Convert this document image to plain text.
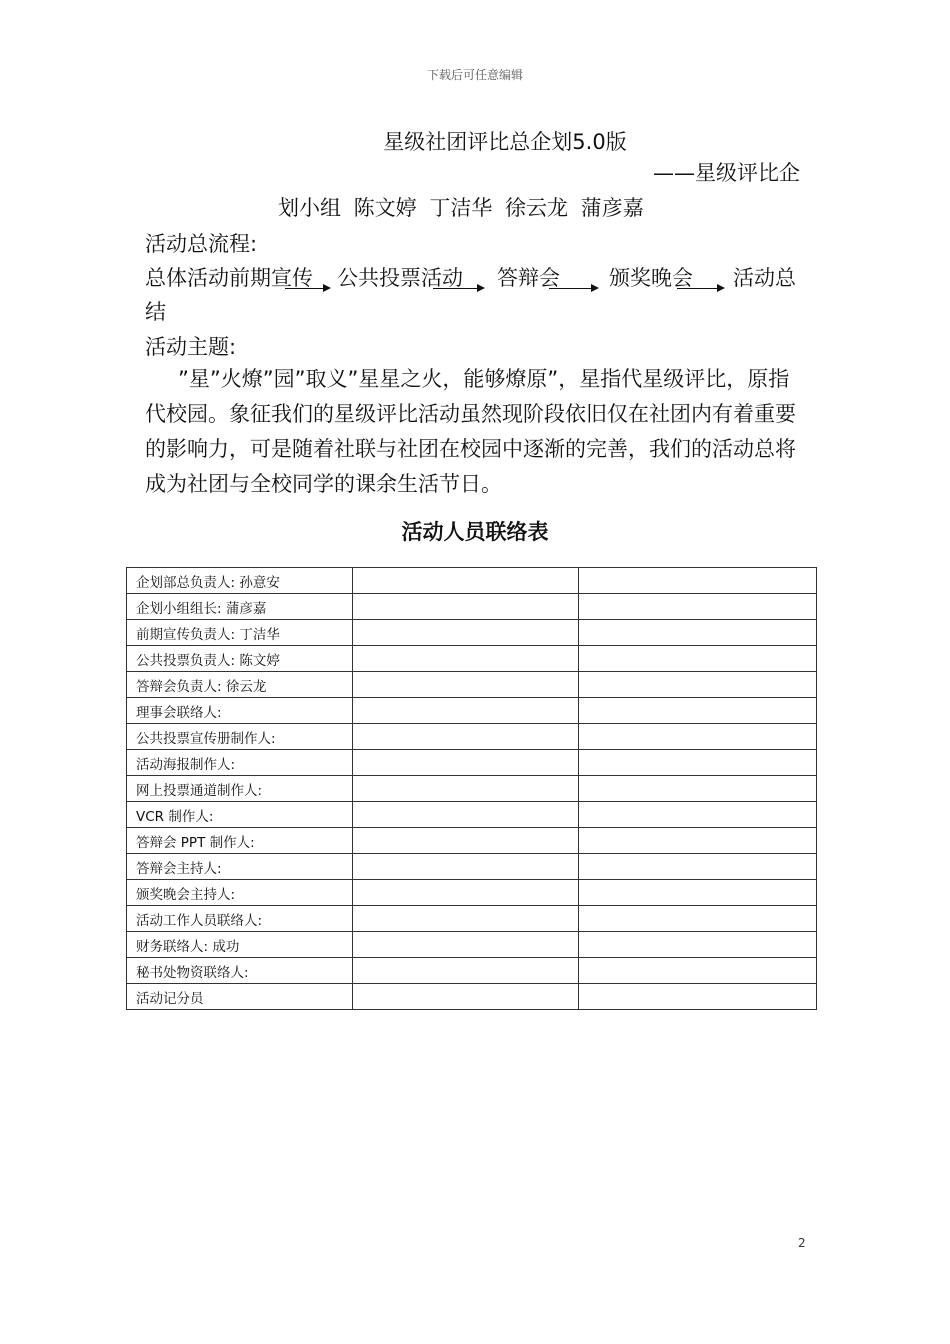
下载后可任意编辑
星级社团评比总企划5.0版
——星级评比企
划小组 陈文婷 丁洁华 徐云龙 蒲彦嘉
活动总流程:
总体活动前期宣传 公共投票活动 答辩会 颁奖晚会 活动总
结
活动主题:
”星”火燎”园”取义”星星之火，能够燎原”，星指代星级评比，原指代校园。象征我们的星级评比活动虽然现阶段依旧仅在社团内有着重要的影响力，可是随着社联与社团在校园中逐渐的完善，我们的活动总将成为社团与全校同学的课余生活节日。
活动人员联络表
企划部总负责人: 孙意安		
企划小组组长: 蒲彦嘉		
前期宣传负责人: 丁洁华		
公共投票负责人: 陈文婷		
答辩会负责人: 徐云龙		
理事会联络人:		
公共投票宣传册制作人:		
活动海报制作人:		
网上投票通道制作人:		
VCR 制作人:		
答辩会 PPT 制作人:		
答辩会主持人:		
颁奖晚会主持人:		
活动工作人员联络人:		
财务联络人: 成功		
秘书处物资联络人:		
活动记分员		
2
